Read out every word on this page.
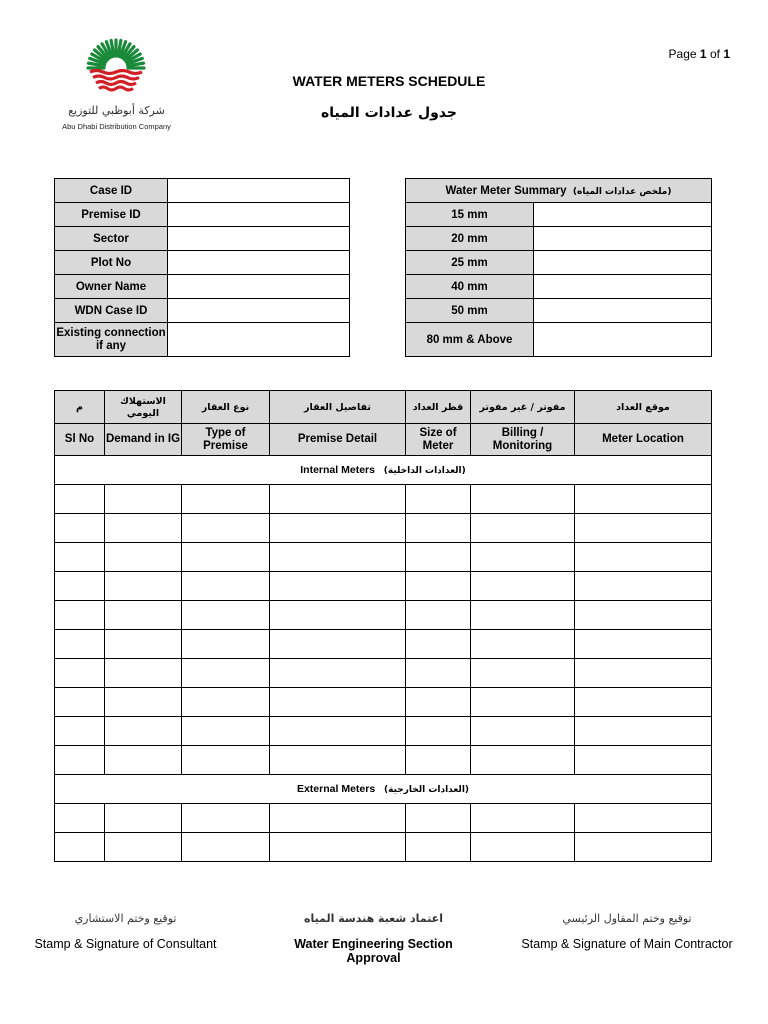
شركة أبوظبي للتوزيع
Abu Dhabi Distribution Company
Page 1 of 1
WATER METERS SCHEDULE
جدول عدادات المياه
Case ID	
Premise ID	
Sector	
Plot No	
Owner Name	
WDN Case ID	
Existing connection if any	
Water Meter Summary (ملخص عدادات المياه)	
15 mm	
20 mm	
25 mm	
40 mm	
50 mm	
80 mm & Above	
م	الاستهلاك اليومي	نوع العقار	تفاصيل العقار	قطر العداد	مفوتر / غير مفوتر	موقع العداد
Sl No	Demand in IG	Type of Premise	Premise Detail	Size of Meter	Billing / Monitoring	Meter Location
Internal Meters (العدادات الداخلية)						

External Meters (العدادات الخارجية)						

توقيع وختم الاستشاري
Stamp & Signature of Consultant
اعتماد شعبة هندسة المياه
Water Engineering Section Approval
توقيع وختم المقاول الرئيسي
Stamp & Signature of Main Contractor
